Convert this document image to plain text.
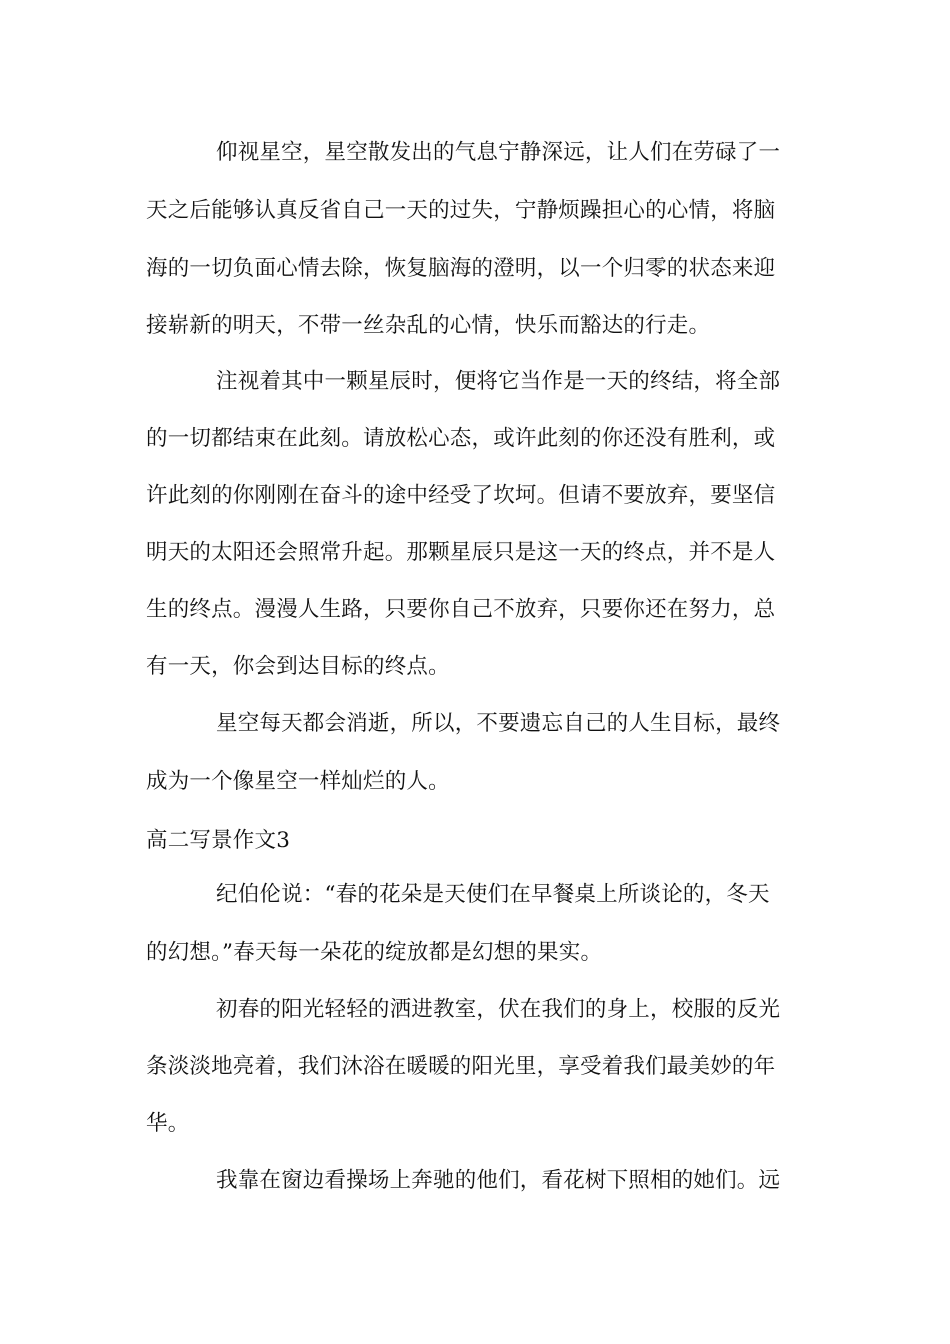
仰视星空，星空散发出的气息宁静深远，让人们在劳碌了一
天之后能够认真反省自己一天的过失，宁静烦躁担心的心情，将脑
海的一切负面心情去除，恢复脑海的澄明，以一个归零的状态来迎
接崭新的明天，不带一丝杂乱的心情，快乐而豁达的行走。
注视着其中一颗星辰时，便将它当作是一天的终结，将全部
的一切都结束在此刻。请放松心态，或许此刻的你还没有胜利，或
许此刻的你刚刚在奋斗的途中经受了坎坷。但请不要放弃，要坚信
明天的太阳还会照常升起。那颗星辰只是这一天的终点，并不是人
生的终点。漫漫人生路，只要你自己不放弃，只要你还在努力，总
有一天，你会到达目标的终点。
星空每天都会消逝，所以，不要遗忘自己的人生目标，最终
成为一个像星空一样灿烂的人。
高二写景作文3
纪伯伦说：“春的花朵是天使们在早餐桌上所谈论的，冬天
的幻想。”春天每一朵花的绽放都是幻想的果实。
初春的阳光轻轻的洒进教室，伏在我们的身上，校服的反光
条淡淡地亮着，我们沐浴在暖暖的阳光里，享受着我们最美妙的年
华。
我靠在窗边看操场上奔驰的他们，看花树下照相的她们。远
